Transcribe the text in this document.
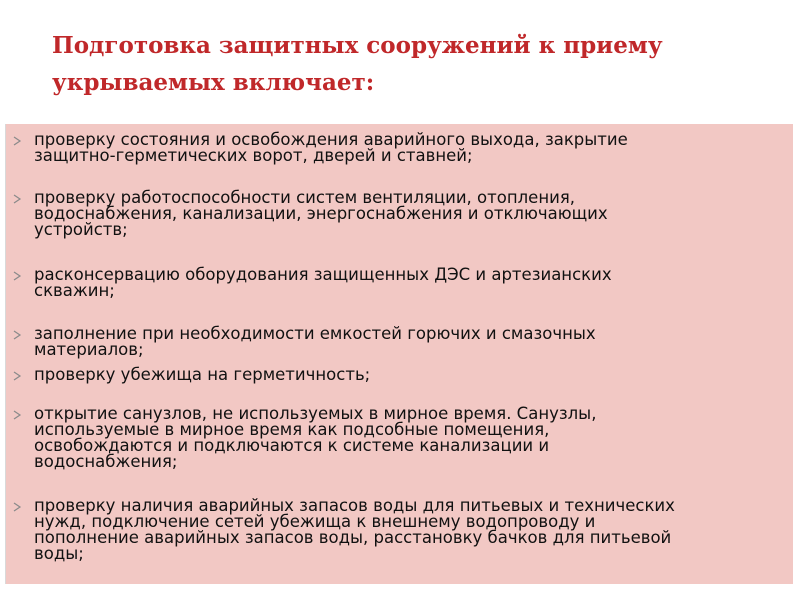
Подготовка защитных сооружений к приему
укрываемых включает:
проверку состояния и освобождения аварийного выхода, закрытие
защитно-герметических ворот, дверей и ставней;
проверку работоспособности систем вентиляции, отопления,
водоснабжения, канализации, энергоснабжения и отключающих
устройств;
расконсервацию оборудования защищенных ДЭС и артезианских
скважин;
заполнение при необходимости емкостей горючих и смазочных
материалов;
проверку убежища на герметичность;
открытие санузлов, не используемых в мирное время. Санузлы,
используемые в мирное время как подсобные помещения,
освобождаются и подключаются к системе канализации и
водоснабжения;
проверку наличия аварийных запасов воды для питьевых и технических
нужд, подключение сетей убежища к внешнему водопроводу и
пополнение аварийных запасов воды, расстановку бачков для питьевой
воды;
